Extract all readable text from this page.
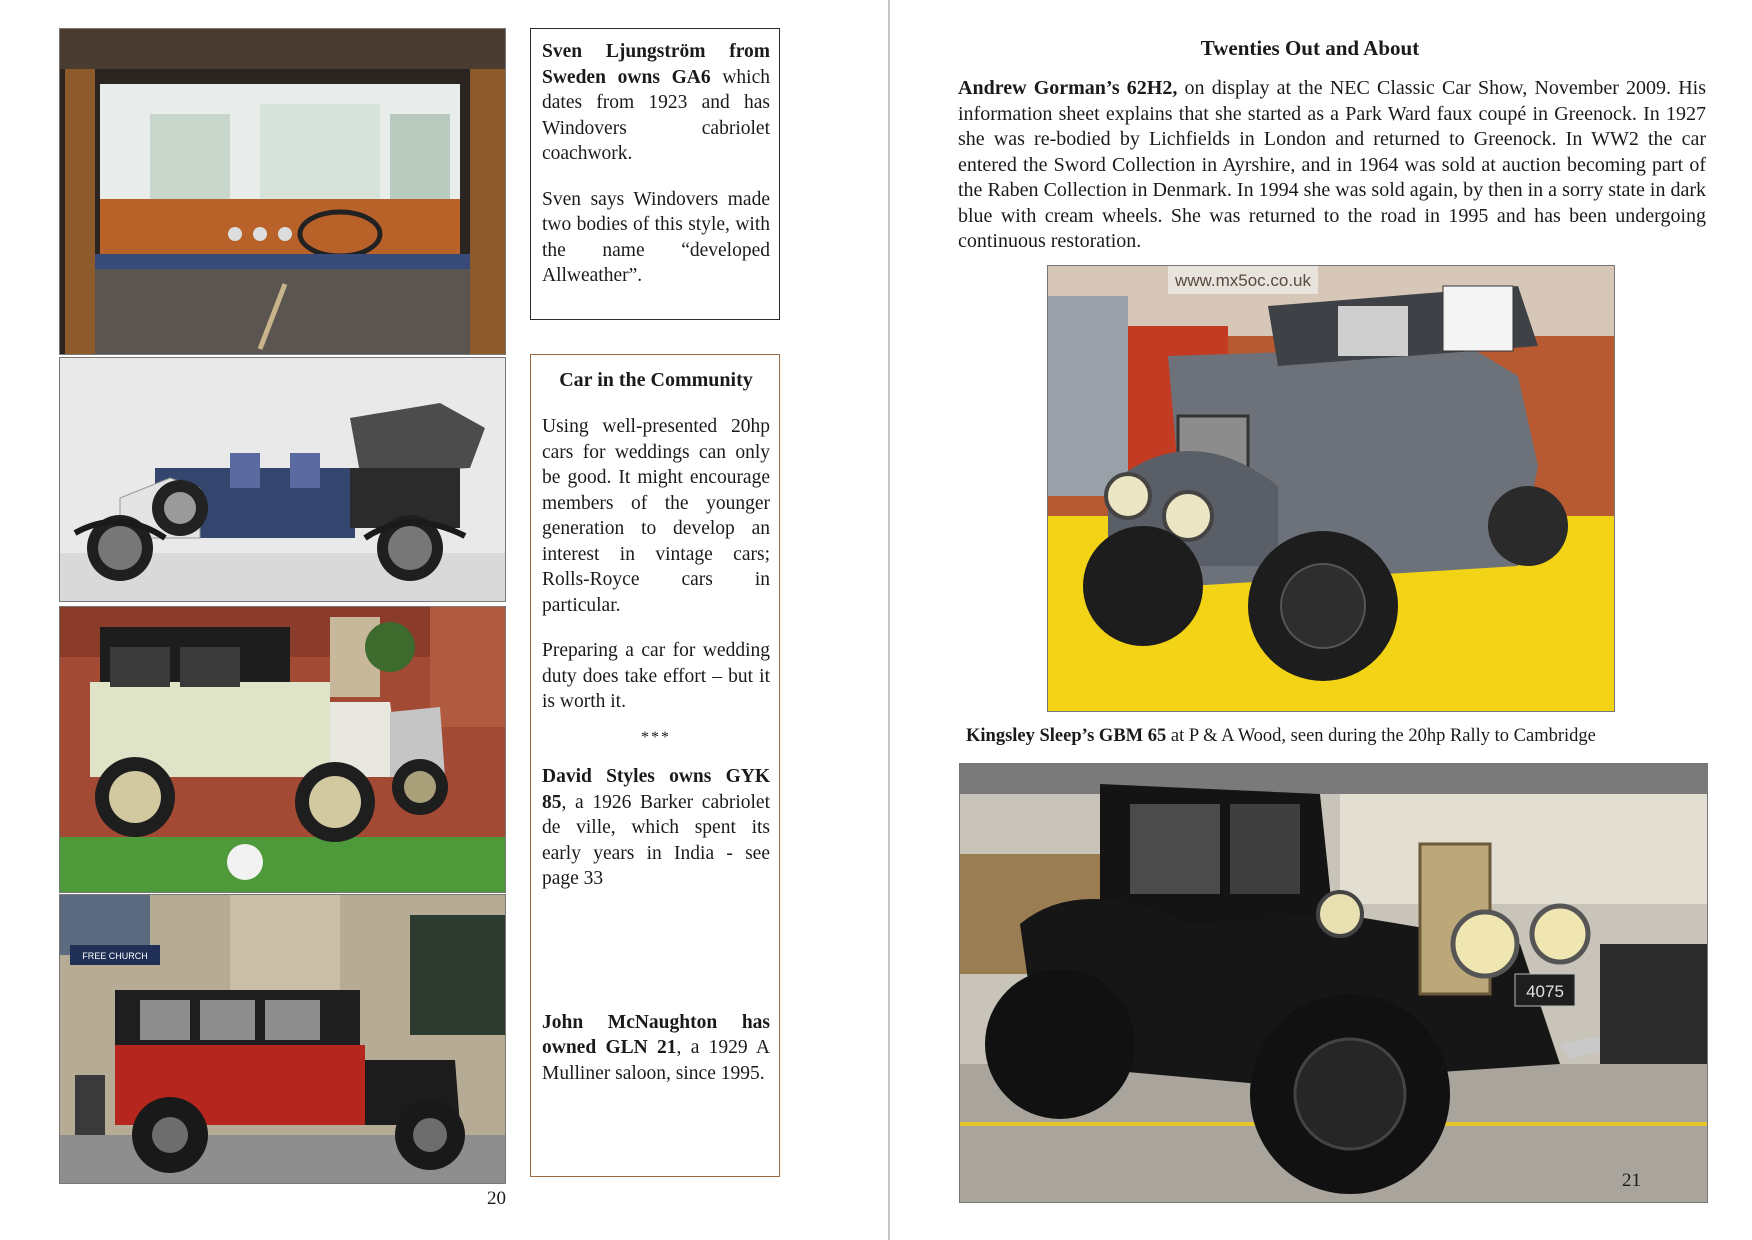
FREE CHURCH

Sven Ljungström from Sweden owns GA6 which dates from 1923 and has Windovers cabriolet coachwork.

Sven says Windovers made two bodies of this style, with the name “developed Allweather”.

Car in the Community

Using well-presented 20hp cars for weddings can only be good. It might encourage members of the younger generation to develop an interest in vintage cars; Rolls-Royce cars in particular.

Preparing a car for wedding duty does take effort – but it is worth it.

***

David Styles owns GYK 85, a 1926 Barker cabriolet de ville, which spent its early years in India - see page 33

John McNaughton has owned GLN 21, a 1929 A Mulliner saloon, since 1995.

20
Twenties Out and About
Andrew Gorman’s 62H2, on display at the NEC Classic Car Show, November 2009. His information sheet explains that she started as a Park Ward faux coupé in Greenock. In 1927 she was re-bodied by Lichfields in London and returned to Greenock. In WW2 the car entered the Sword Collection in Ayrshire, and in 1964 was sold at auction becoming part of the Raben Collection in Denmark. In 1994 she was sold again, by then in a sorry state in dark blue with cream wheels. She was returned to the road in 1995 and has been undergoing continuous restoration.
www.mx5oc.co.uk
Kingsley Sleep’s GBM 65 at P & A Wood, seen during the 20hp Rally to Cambridge
4075
21
